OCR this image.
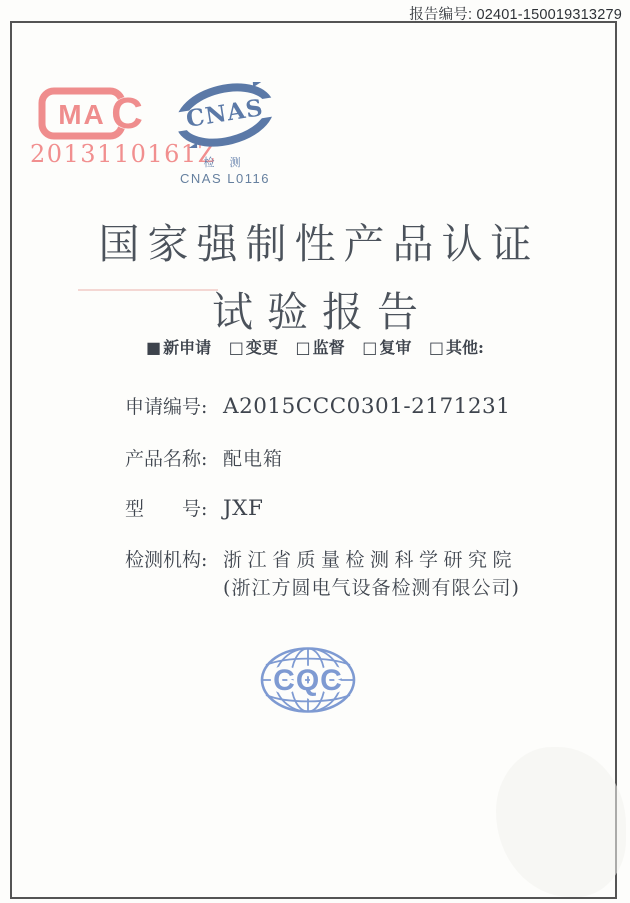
报告编号: 02401-150019313279
C
MA
2013110161Z
CNAS
检 测
CNAS L0116
国家强制性产品认证
试验报告
■ 新申请 □ 变更 □ 监督 □ 复审 □ 其他:
申请编号: A2015CCC0301-2171231
产品名称: 配电箱
型　　号: JXF
检测机构: 浙江省质量检测科学研究院
(浙江方圆电气设备检测有限公司)
CQC
